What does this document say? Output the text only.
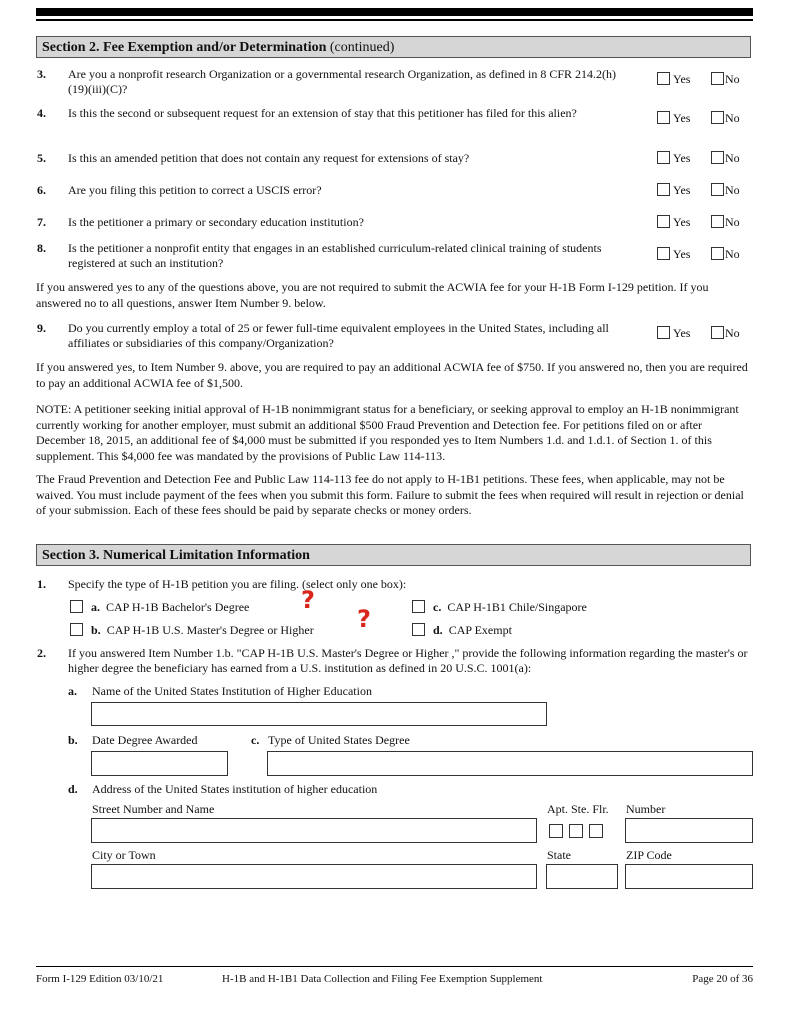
Section 2. Fee Exemption and/or Determination (continued)
3. Are you a nonprofit research Organization or a governmental research Organization, as defined in 8 CFR 214.2(h)(19)(iii)(C)?
Yes	No
4. Is this the second or subsequent request for an extension of stay that this petitioner has filed for this alien?	Yes	No
5. Is this an amended petition that does not contain any request for extensions of stay?	Yes	No
6. Are you filing this petition to correct a USCIS error?	Yes	No
7. Is the petitioner a primary or secondary education institution?	Yes	No
8. Is the petitioner a nonprofit entity that engages in an established curriculum-related clinical training of students registered at such an institution?
Yes	No
If you answered yes to any of the questions above, you are not required to submit the ACWIA fee for your H-1B Form I-129 petition. If you answered no to all questions, answer Item Number 9. below.
9. Do you currently employ a total of 25 or fewer full-time equivalent employees in the United States, including all affiliates or subsidiaries of this company/Organization?
Yes	No
If you answered yes, to Item Number 9. above, you are required to pay an additional ACWIA fee of $750. If you answered no, then you are required to pay an additional ACWIA fee of $1,500.
NOTE: A petitioner seeking initial approval of H-1B nonimmigrant status for a beneficiary, or seeking approval to employ an H-1B nonimmigrant currently working for another employer, must submit an additional $500 Fraud Prevention and Detection fee. For petitions filed on or after December 18, 2015, an additional fee of $4,000 must be submitted if you responded yes to Item Numbers 1.d. and 1.d.1. of Section 1. of this supplement. This $4,000 fee was mandated by the provisions of Public Law 114-113.
The Fraud Prevention and Detection Fee and Public Law 114-113 fee do not apply to H-1B1 petitions. These fees, when applicable, may not be waived. You must include payment of the fees when you submit this form. Failure to submit the fees when required will result in rejection or denial of your submission. Each of these fees should be paid by separate checks or money orders.
Section 3. Numerical Limitation Information
1. Specify the type of H-1B petition you are filing. (select only one box):
a. CAP H-1B Bachelor's Degree
b. CAP H-1B U.S. Master's Degree or Higher
c. CAP H-1B1 Chile/Singapore
d. CAP Exempt
?
?
2. If you answered Item Number 1.b. "CAP H-1B U.S. Master's Degree or Higher ," provide the following information regarding the master's or higher degree the beneficiary has earned from a U.S. institution as defined in 20 U.S.C. 1001(a):
a. Name of the United States Institution of Higher Education
b. Date Degree Awarded	c. Type of United States Degree
d. Address of the United States institution of higher education
Street Number and Name	Apt. Ste. Flr. Number
City or Town	State	ZIP Code
Form I-129 Edition 03/10/21	H-1B and H-1B1 Data Collection and Filing Fee Exemption Supplement	Page 20 of 36
